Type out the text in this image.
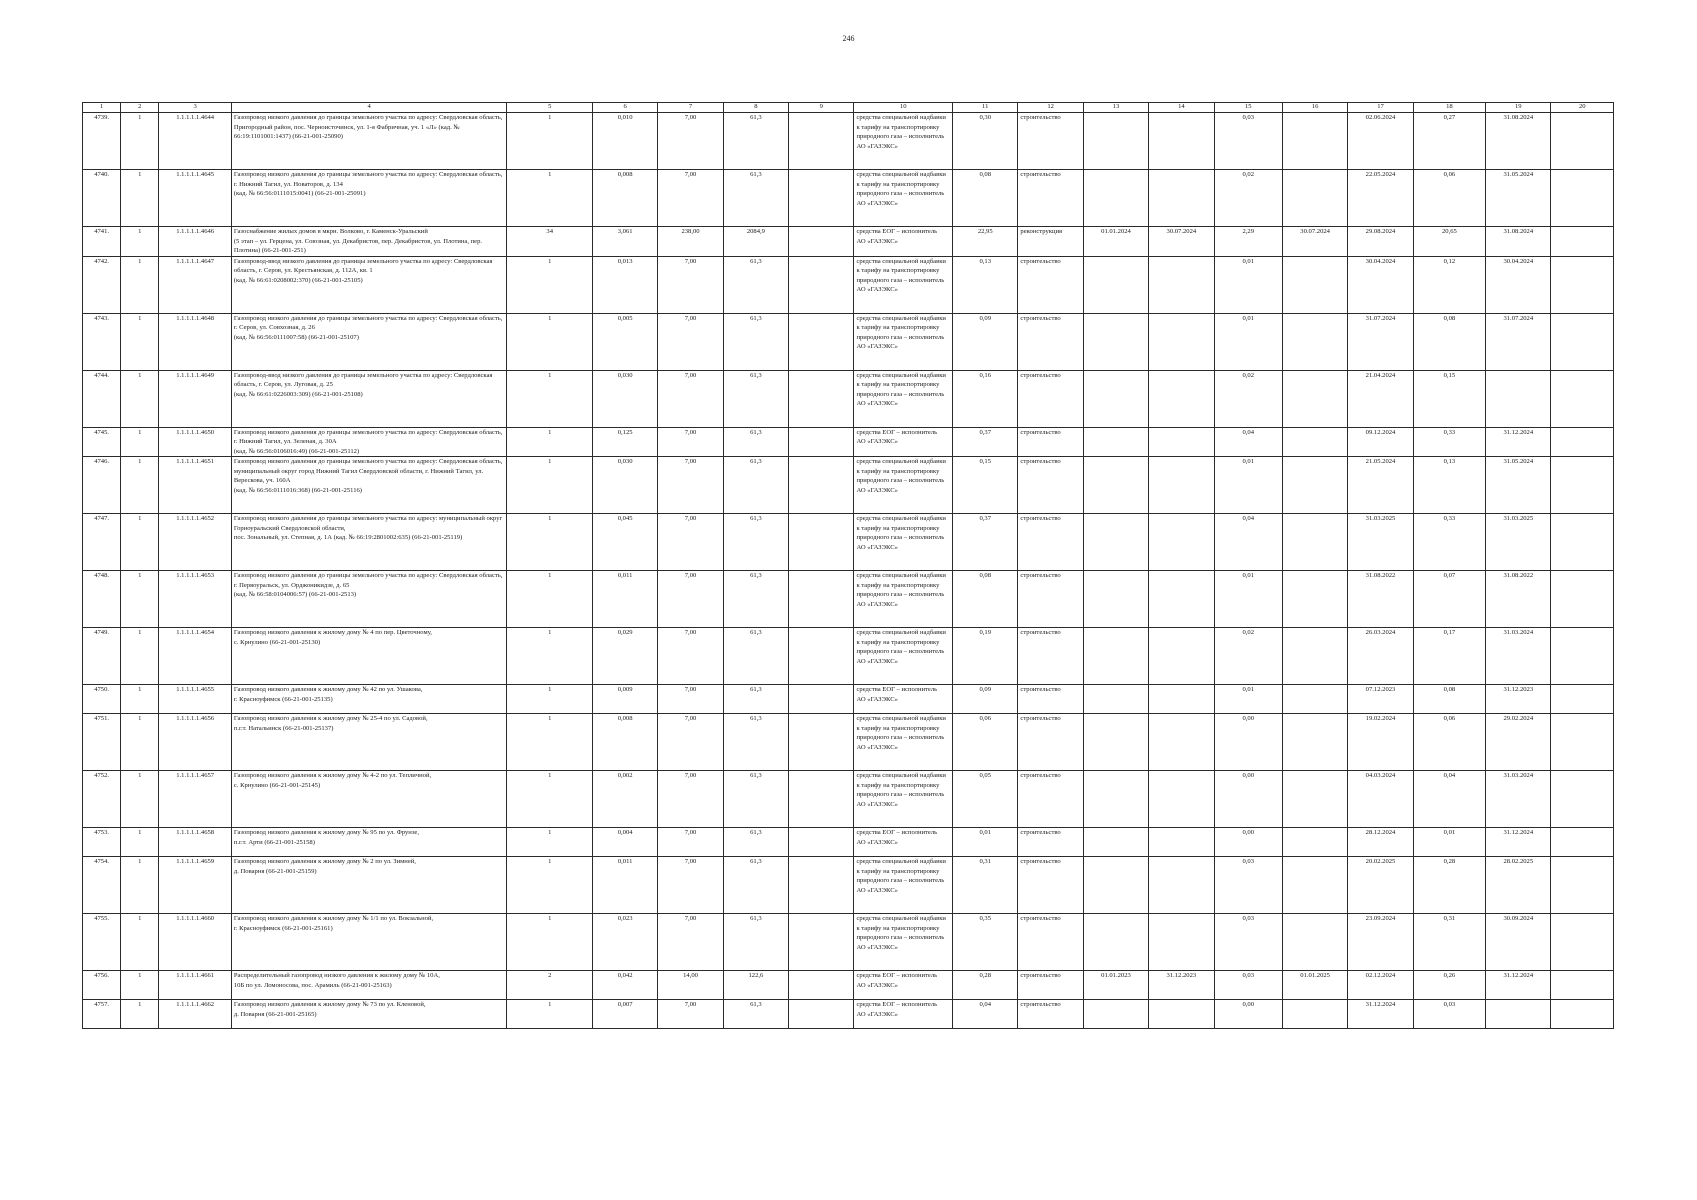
246
1	2	3	4	5	6	7	8	9	10	11	12	13	14	15	16	17	18	19	20
4739.	1	1.1.1.1.1.4644	Газопровод низкого давления до границы земельного участка по адресу: Свердловская область, Пригородный район, пос. Черноисточинск, ул. 1-я Фабричная, уч. 1 «Л» (кад. № 66:19:1101001:1437) (66-21-001-25090)	1	0,010	7,00	61,3		средства специальной надбавки к тарифу на транспортировку природного газа – исполнитель
АО «ГАЗЭКС»	0,30	строительство			0,03		02.06.2024	0,27	31.08.2024	
4740.	1	1.1.1.1.1.4645	Газопровод низкого давления до границы земельного участка по адресу: Свердловская область, г. Нижний Тагил, ул. Новаторов, д. 134
(кад. № 66:56:0111015:0041) (66-21-001-25091)	1	0,008	7,00	61,3		средства специальной надбавки к тарифу на транспортировку природного газа – исполнитель
АО «ГАЗЭКС»	0,08	строительство			0,02		22.05.2024	0,06	31.05.2024	
4741.	1	1.1.1.1.1.4646	Газоснабжение жилых домов в мкрн. Волково, г. Каменск-Уральский
(5 этап – ул. Герцена, ул. Союзная, ул. Декабристов, пер. Декабристов, ул. Плотина, пер. Плотина) (66-21-001-251)	34	3,061	238,00	2084,9		средства ЕОГ – исполнитель
АО «ГАЗЭКС»	22,95	реконструкция	01.01.2024	30.07.2024	2,29	30.07.2024	29.08.2024	20,65	31.08.2024	
4742.	1	1.1.1.1.1.4647	Газопровод-ввод низкого давления до границы земельного участка по адресу: Свердловская область, г. Серов, ул. Крестьянская, д. 112А, кв. 1
(кад. № 66:61:0208002:370) (66-21-001-25105)	1	0,013	7,00	61,3		средства специальной надбавки к тарифу на транспортировку природного газа – исполнитель
АО «ГАЗЭКС»	0,13	строительство			0,01		30.04.2024	0,12	30.04.2024	
4743.	1	1.1.1.1.1.4648	Газопровод низкого давления до границы земельного участка по адресу: Свердловская область, г. Серов, ул. Совхозная, д. 26
(кад. № 66:56:0111007:58) (66-21-001-25107)	1	0,005	7,00	61,3		средства специальной надбавки к тарифу на транспортировку природного газа – исполнитель
АО «ГАЗЭКС»	0,09	строительство			0,01		31.07.2024	0,08	31.07.2024	
4744.	1	1.1.1.1.1.4649	Газопровод-ввод низкого давления до границы земельного участка по адресу: Свердловская область, г. Серов, ул. Луговая, д. 25
(кад. № 66:61:0226003:309) (66-21-001-25108)	1	0,030	7,00	61,3		средства специальной надбавки к тарифу на транспортировку природного газа – исполнитель
АО «ГАЗЭКС»	0,16	строительство			0,02		21.04.2024	0,15		
4745.	1	1.1.1.1.1.4650	Газопровод низкого давления до границы земельного участка по адресу: Свердловская область, г. Нижний Тагил, ул. Зеленая, д. 30А
(кад. № 66:56:0106016:49) (66-21-001-25112)	1	0,125	7,00	61,3		средства ЕОГ – исполнитель
АО «ГАЗЭКС»	0,37	строительство			0,04		09.12.2024	0,33	31.12.2024	
4746.	1	1.1.1.1.1.4651	Газопровод низкого давления до границы земельного участка по адресу: Свердловская область, муниципальный округ город Нижний Тагил Свердловской области, г. Нижний Тагил, ул. Верескова, уч. 160А
(кад. № 66:56:0111016:368) (66-21-001-25116)	1	0,030	7,00	61,3		средства специальной надбавки к тарифу на транспортировку природного газа – исполнитель
АО «ГАЗЭКС»	0,15	строительство			0,01		21.05.2024	0,13	31.05.2024	
4747.	1	1.1.1.1.1.4652	Газопровод низкого давления до границы земельного участка по адресу: муниципальный округ Горноуральский Свердловской области,
пос. Зональный, ул. Степная, д. 1А (кад. № 66:19:2801002:635) (66-21-001-25119)	1	0,045	7,00	61,3		средства специальной надбавки к тарифу на транспортировку природного газа – исполнитель
АО «ГАЗЭКС»	0,37	строительство			0,04		31.03.2025	0,33	31.03.2025	
4748.	1	1.1.1.1.1.4653	Газопровод низкого давления до границы земельного участка по адресу: Свердловская область, г. Первоуральск, ул. Орджоникидзе, д. 65
(кад. № 66:58:0104006:57) (66-21-001-2513)	1	0,011	7,00	61,3		средства специальной надбавки к тарифу на транспортировку природного газа – исполнитель
АО «ГАЗЭКС»	0,08	строительство			0,01		31.08.2022	0,07	31.08.2022	
4749.	1	1.1.1.1.1.4654	Газопровод низкого давления к жилому дому № 4 по пер. Цветочному,
с. Крнулино (66-21-001-25130)	1	0,029	7,00	61,3		средства специальной надбавки к тарифу на транспортировку природного газа – исполнитель
АО «ГАЗЭКС»	0,19	строительство			0,02		26.03.2024	0,17	31.03.2024	
4750.	1	1.1.1.1.1.4655	Газопровод низкого давления к жилому дому № 42 по ул. Ушакова,
г. Красноуфимск (66-21-001-25135)	1	0,009	7,00	61,3		средства ЕОГ – исполнитель
АО «ГАЗЭКС»	0,09	строительство			0,01		07.12.2023	0,08	31.12.2023	
4751.	1	1.1.1.1.1.4656	Газопровод низкого давления к жилому дому № 25-4 по ул. Садовой,
п.г.т. Натальинск (66-21-001-25137)	1	0,008	7,00	61,3		средства специальной надбавки к тарифу на транспортировку природного газа – исполнитель
АО «ГАЗЭКС»	0,06	строительство			0,00		19.02.2024	0,06	29.02.2024	
4752.	1	1.1.1.1.1.4657	Газопровод низкого давления к жилому дому № 4-2 по ул. Тепличной,
с. Крнулино (66-21-001-25145)	1	0,002	7,00	61,3		средства специальной надбавки к тарифу на транспортировку природного газа – исполнитель
АО «ГАЗЭКС»	0,05	строительство			0,00		04.03.2024	0,04	31.03.2024	
4753.	1	1.1.1.1.1.4658	Газопровод низкого давления к жилому дому № 95 по ул. Фрунзе,
п.г.т. Арти (66-21-001-25158)	1	0,004	7,00	61,3		средства ЕОГ – исполнитель
АО «ГАЗЭКС»	0,01	строительство			0,00		28.12.2024	0,01	31.12.2024	
4754.	1	1.1.1.1.1.4659	Газопровод низкого давления к жилому дому № 2 по ул. Зимней,
д. Поварня (66-21-001-25159)	1	0,011	7,00	61,3		средства специальной надбавки к тарифу на транспортировку природного газа – исполнитель
АО «ГАЗЭКС»	0,31	строительство			0,03		20.02.2025	0,28	28.02.2025	
4755.	1	1.1.1.1.1.4660	Газопровод низкого давления к жилому дому № 1/1 по ул. Вокзальной,
г. Красноуфимск (66-21-001-25161)	1	0,023	7,00	61,3		средства специальной надбавки к тарифу на транспортировку природного газа – исполнитель
АО «ГАЗЭКС»	0,35	строительство			0,03		23.09.2024	0,31	30.09.2024	
4756.	1	1.1.1.1.1.4661	Распределительный газопровод низкого давления к жилому дому № 10А,
10Б по ул. Ломоносова, пос. Арамиль (66-21-001-25163)	2	0,042	14,00	122,6		средства ЕОГ – исполнитель
АО «ГАЗЭКС»	0,28	строительство	01.01.2023	31.12.2023	0,03	01.01.2025	02.12.2024	0,26	31.12.2024	
4757.	1	1.1.1.1.1.4662	Газопровод низкого давления к жилому дому № 73 по ул. Кленовой,
д. Поварня (66-21-001-25165)	1	0,007	7,00	61,3		средства ЕОГ – исполнитель
АО «ГАЗЭКС»	0,04	строительство			0,00		31.12.2024	0,03		
